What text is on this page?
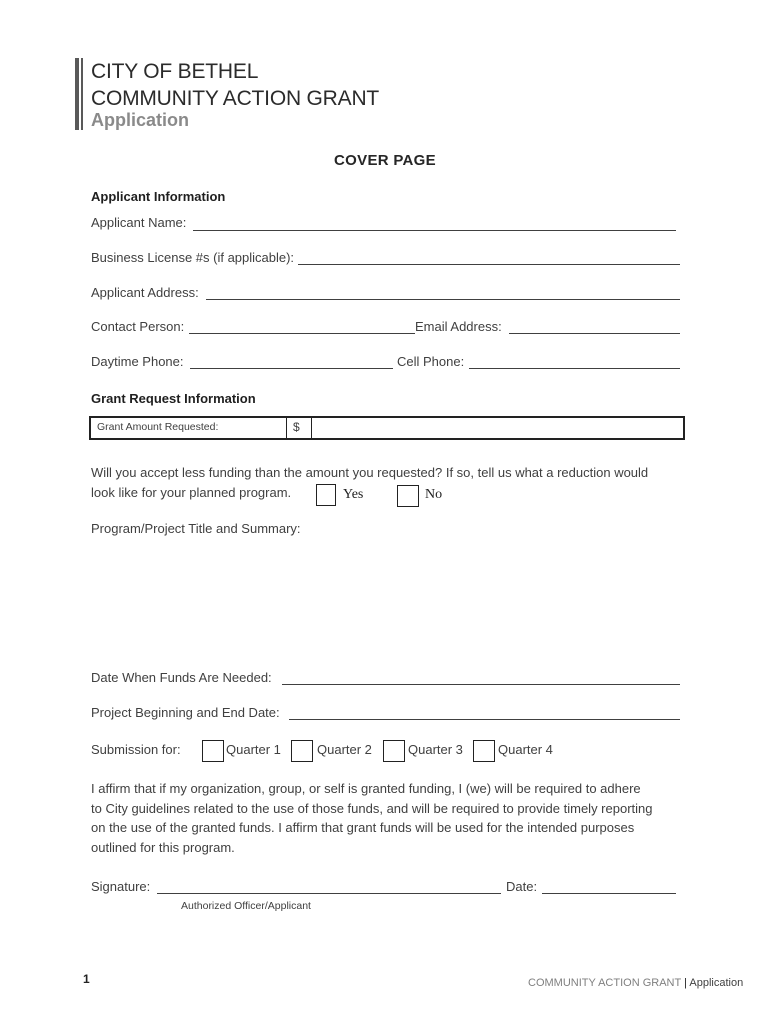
CITY OF BETHEL
COMMUNITY ACTION GRANT
Application
COVER PAGE
Applicant Information
Applicant Name:
Business License #s (if applicable):
Applicant Address:
Contact Person:	Email Address:
Daytime Phone:	Cell Phone:
Grant Request Information
Grant Amount Requested:	$
Will you accept less funding than the amount you requested? If so, tell us what a reduction would
look like for your planned program.	Yes	No
Program/Project Title and Summary:
Date When Funds Are Needed:
Project Beginning and End Date:
Submission for:	Quarter 1	Quarter 2	Quarter 3	Quarter 4
I affirm that if my organization, group, or self is granted funding, I (we) will be required to adhere
to City guidelines related to the use of those funds, and will be required to provide timely reporting
on the use of the granted funds. I affirm that grant funds will be used for the intended purposes
outlined for this program.
Signature:	Date:
Authorized Officer/Applicant
1	COMMUNITY ACTION GRANT | Application
